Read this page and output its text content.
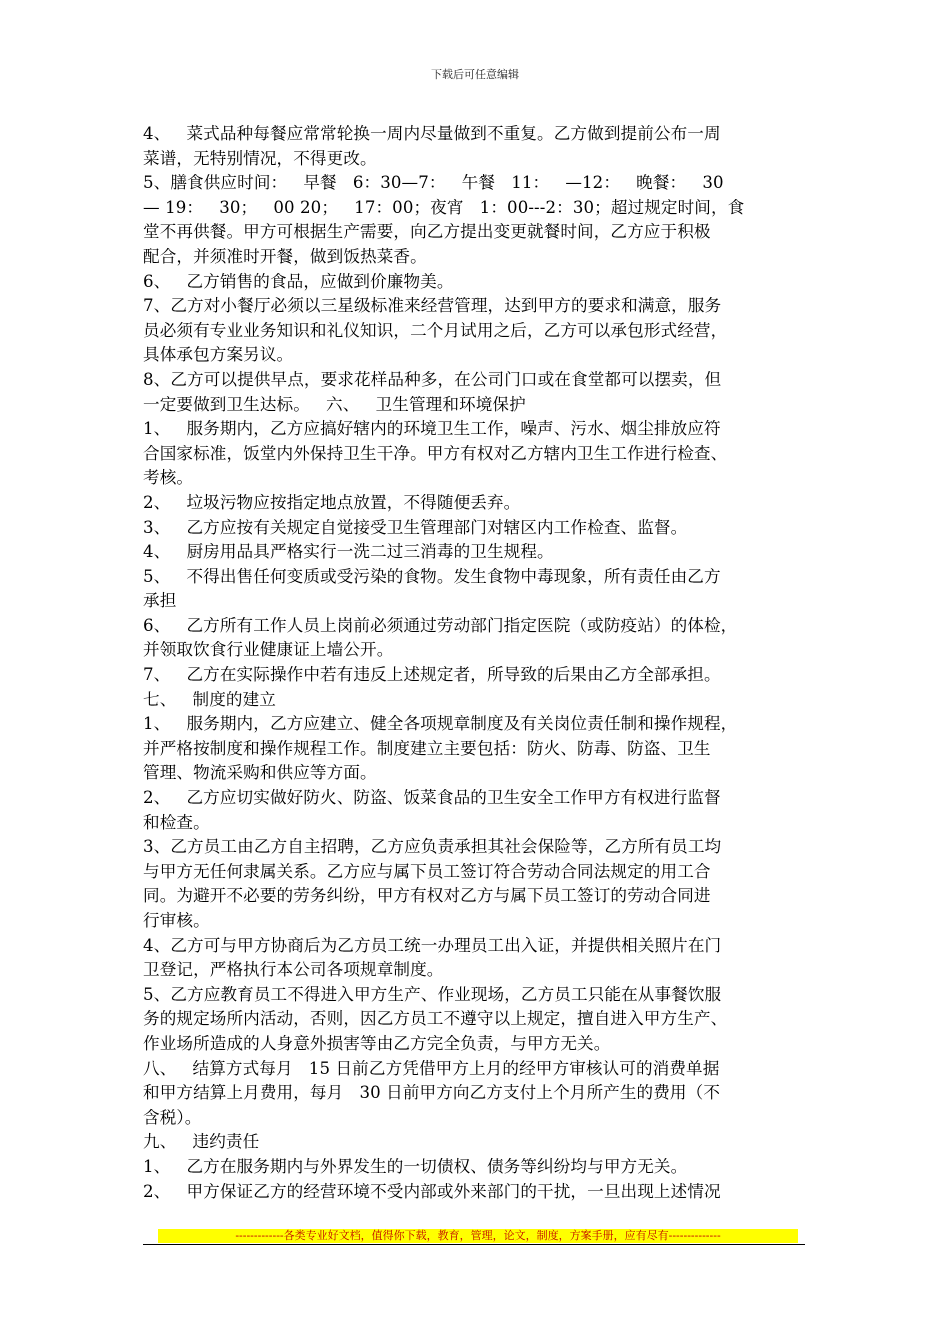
下载后可任意编辑

4、   菜式品种每餐应常常轮换一周内尽量做到不重复。乙方做到提前公布一周

菜谱，无特别情况，不得更改。

5、膳食供应时间：   早餐   6：30—7：   午餐   11：   —12：   晚餐：   30

— 19：   30；   00 20；   17：00；夜宵   1：00---2：30；超过规定时间，食

堂不再供餐。甲方可根据生产需要，向乙方提出变更就餐时间，乙方应于积极

配合，并须准时开餐，做到饭热菜香。

6、   乙方销售的食品，应做到价廉物美。

7、乙方对小餐厅必须以三星级标准来经营管理，达到甲方的要求和满意，服务

员必须有专业业务知识和礼仪知识，二个月试用之后，乙方可以承包形式经营，

具体承包方案另议。

8、乙方可以提供早点，要求花样品种多，在公司门口或在食堂都可以摆卖，但

一定要做到卫生达标。   六、   卫生管理和环境保护

1、   服务期内，乙方应搞好辖内的环境卫生工作，噪声、污水、烟尘排放应符

合国家标准，饭堂内外保持卫生干净。甲方有权对乙方辖内卫生工作进行检查、

考核。

2、   垃圾污物应按指定地点放置，不得随便丢弃。

3、   乙方应按有关规定自觉接受卫生管理部门对辖区内工作检查、监督。

4、   厨房用品具严格实行一洗二过三消毒的卫生规程。

5、   不得出售任何变质或受污染的食物。发生食物中毒现象，所有责任由乙方

承担

6、   乙方所有工作人员上岗前必须通过劳动部门指定医院（或防疫站）的体检，

并领取饮食行业健康证上墙公开。

7、   乙方在实际操作中若有违反上述规定者，所导致的后果由乙方全部承担。

七、   制度的建立

1、   服务期内，乙方应建立、健全各项规章制度及有关岗位责任制和操作规程，

并严格按制度和操作规程工作。制度建立主要包括：防火、防毒、防盗、卫生

管理、物流采购和供应等方面。

2、   乙方应切实做好防火、防盗、饭菜食品的卫生安全工作甲方有权进行监督

和检查。

3、乙方员工由乙方自主招聘，乙方应负责承担其社会保险等，乙方所有员工均

与甲方无任何隶属关系。乙方应与属下员工签订符合劳动合同法规定的用工合

同。为避开不必要的劳务纠纷，甲方有权对乙方与属下员工签订的劳动合同进

行审核。

4、乙方可与甲方协商后为乙方员工统一办理员工出入证，并提供相关照片在门

卫登记，严格执行本公司各项规章制度。

5、乙方应教育员工不得进入甲方生产、作业现场，乙方员工只能在从事餐饮服

务的规定场所内活动，否则，因乙方员工不遵守以上规定，擅自进入甲方生产、

作业场所造成的人身意外损害等由乙方完全负责，与甲方无关。

八、   结算方式每月   15 日前乙方凭借甲方上月的经甲方审核认可的消费单据

和甲方结算上月费用，每月   30 日前甲方向乙方支付上个月所产生的费用（不

含税）。

九、   违约责任

1、   乙方在服务期内与外界发生的一切债权、债务等纠纷均与甲方无关。

2、   甲方保证乙方的经营环境不受内部或外来部门的干扰，一旦出现上述情况

-------------各类专业好文档，值得你下载，教育，管理，论文，制度，方案手册，应有尽有--------------
